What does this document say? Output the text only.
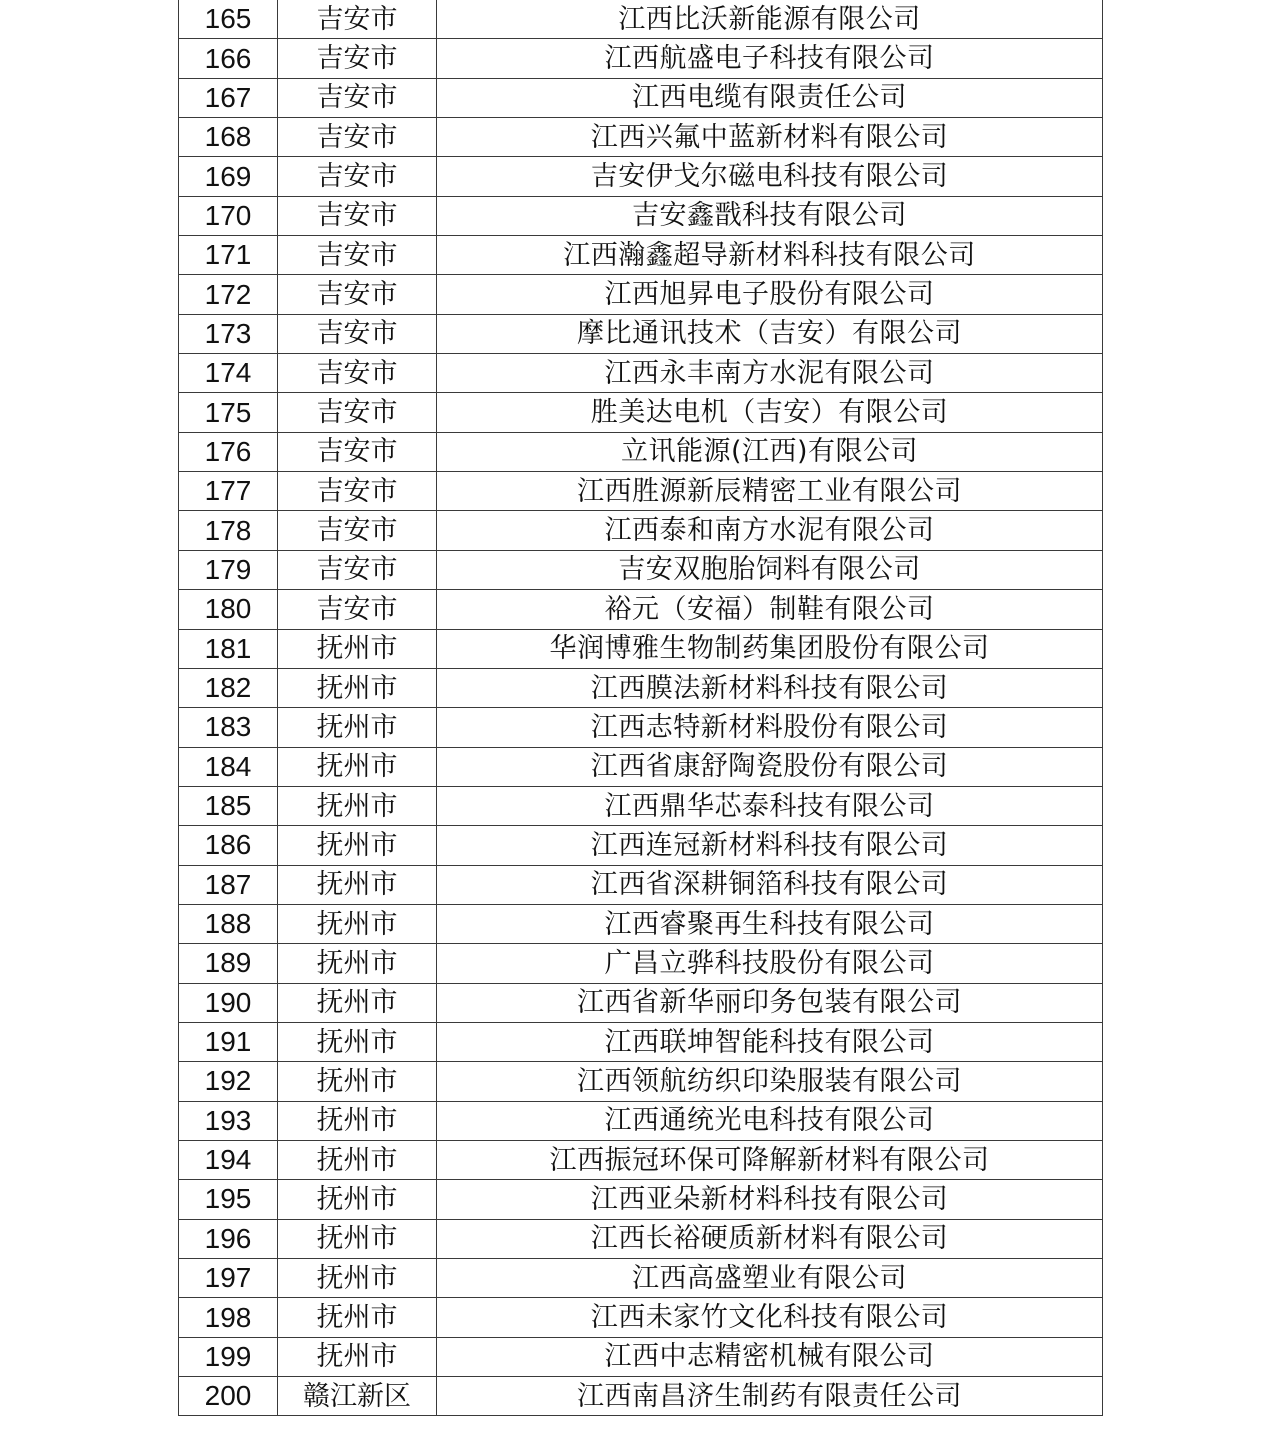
165	吉安市	江西比沃新能源有限公司
166	吉安市	江西航盛电子科技有限公司
167	吉安市	江西电缆有限责任公司
168	吉安市	江西兴氟中蓝新材料有限公司
169	吉安市	吉安伊戈尔磁电科技有限公司
170	吉安市	吉安鑫戬科技有限公司
171	吉安市	江西瀚鑫超导新材料科技有限公司
172	吉安市	江西旭昇电子股份有限公司
173	吉安市	摩比通讯技术（吉安）有限公司
174	吉安市	江西永丰南方水泥有限公司
175	吉安市	胜美达电机（吉安）有限公司
176	吉安市	立讯能源(江西)有限公司
177	吉安市	江西胜源新辰精密工业有限公司
178	吉安市	江西泰和南方水泥有限公司
179	吉安市	吉安双胞胎饲料有限公司
180	吉安市	裕元（安福）制鞋有限公司
181	抚州市	华润博雅生物制药集团股份有限公司
182	抚州市	江西膜法新材料科技有限公司
183	抚州市	江西志特新材料股份有限公司
184	抚州市	江西省康舒陶瓷股份有限公司
185	抚州市	江西鼎华芯泰科技有限公司
186	抚州市	江西连冠新材料科技有限公司
187	抚州市	江西省深耕铜箔科技有限公司
188	抚州市	江西睿聚再生科技有限公司
189	抚州市	广昌立骅科技股份有限公司
190	抚州市	江西省新华丽印务包装有限公司
191	抚州市	江西联坤智能科技有限公司
192	抚州市	江西领航纺织印染服装有限公司
193	抚州市	江西通统光电科技有限公司
194	抚州市	江西振冠环保可降解新材料有限公司
195	抚州市	江西亚朵新材料科技有限公司
196	抚州市	江西长裕硬质新材料有限公司
197	抚州市	江西高盛塑业有限公司
198	抚州市	江西未家竹文化科技有限公司
199	抚州市	江西中志精密机械有限公司
200	赣江新区	江西南昌济生制药有限责任公司
